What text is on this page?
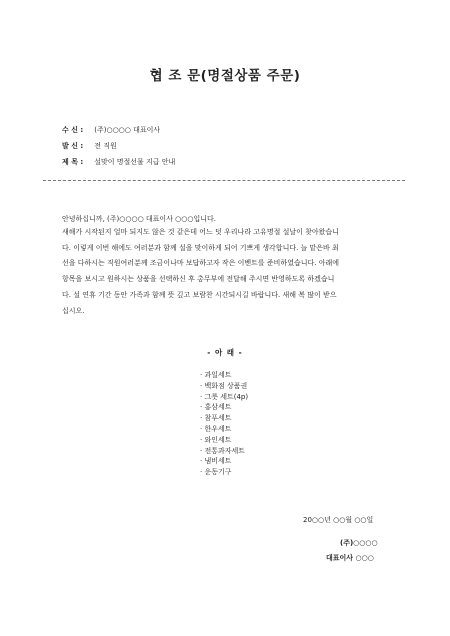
협 조 문(명절상품 주문)
수 신 : (주)○○○○ 대표이사
발 신 : 전 직원
제 목 : 설맞이 명절선물 지급 안내
안녕하십니까, (주)○○○○ 대표이사 ○○○입니다.
새해가 시작된지 얼마 되지도 않은 것 같은데 어느 덧 우리나라 고유명절 설날이 찾아왔습니
다. 이렇게 이번 해에도 여러분과 함께 설을 맞이하게 되어 기쁘게 생각합니다. 늘 맡은바 최
선을 다하시는 직원여러분께 조금이나마 보답하고자 작은 이벤트를 준비하였습니다. 아래에
항목을 보시고 원하시는 상품을 선택하신 후 총무부에 전달해 주시면 반영하도록 하겠습니
다. 설 연휴 기간 동안 가족과 함께 뜻 깊고 보람찬 시간되시길 바랍니다. 새해 복 많이 받으
십시오.
- 아 래 -
· 과일세트
· 백화점 상품권
· 그릇 세트(4p)
· 홍삼세트
· 참푸세트
· 한우세트
· 와인세트
· 전통과자세트
· 냄비세트
· 운동기구
20○○년 ○○월 ○○일
(주)○○○○
대표이사 ○○○
